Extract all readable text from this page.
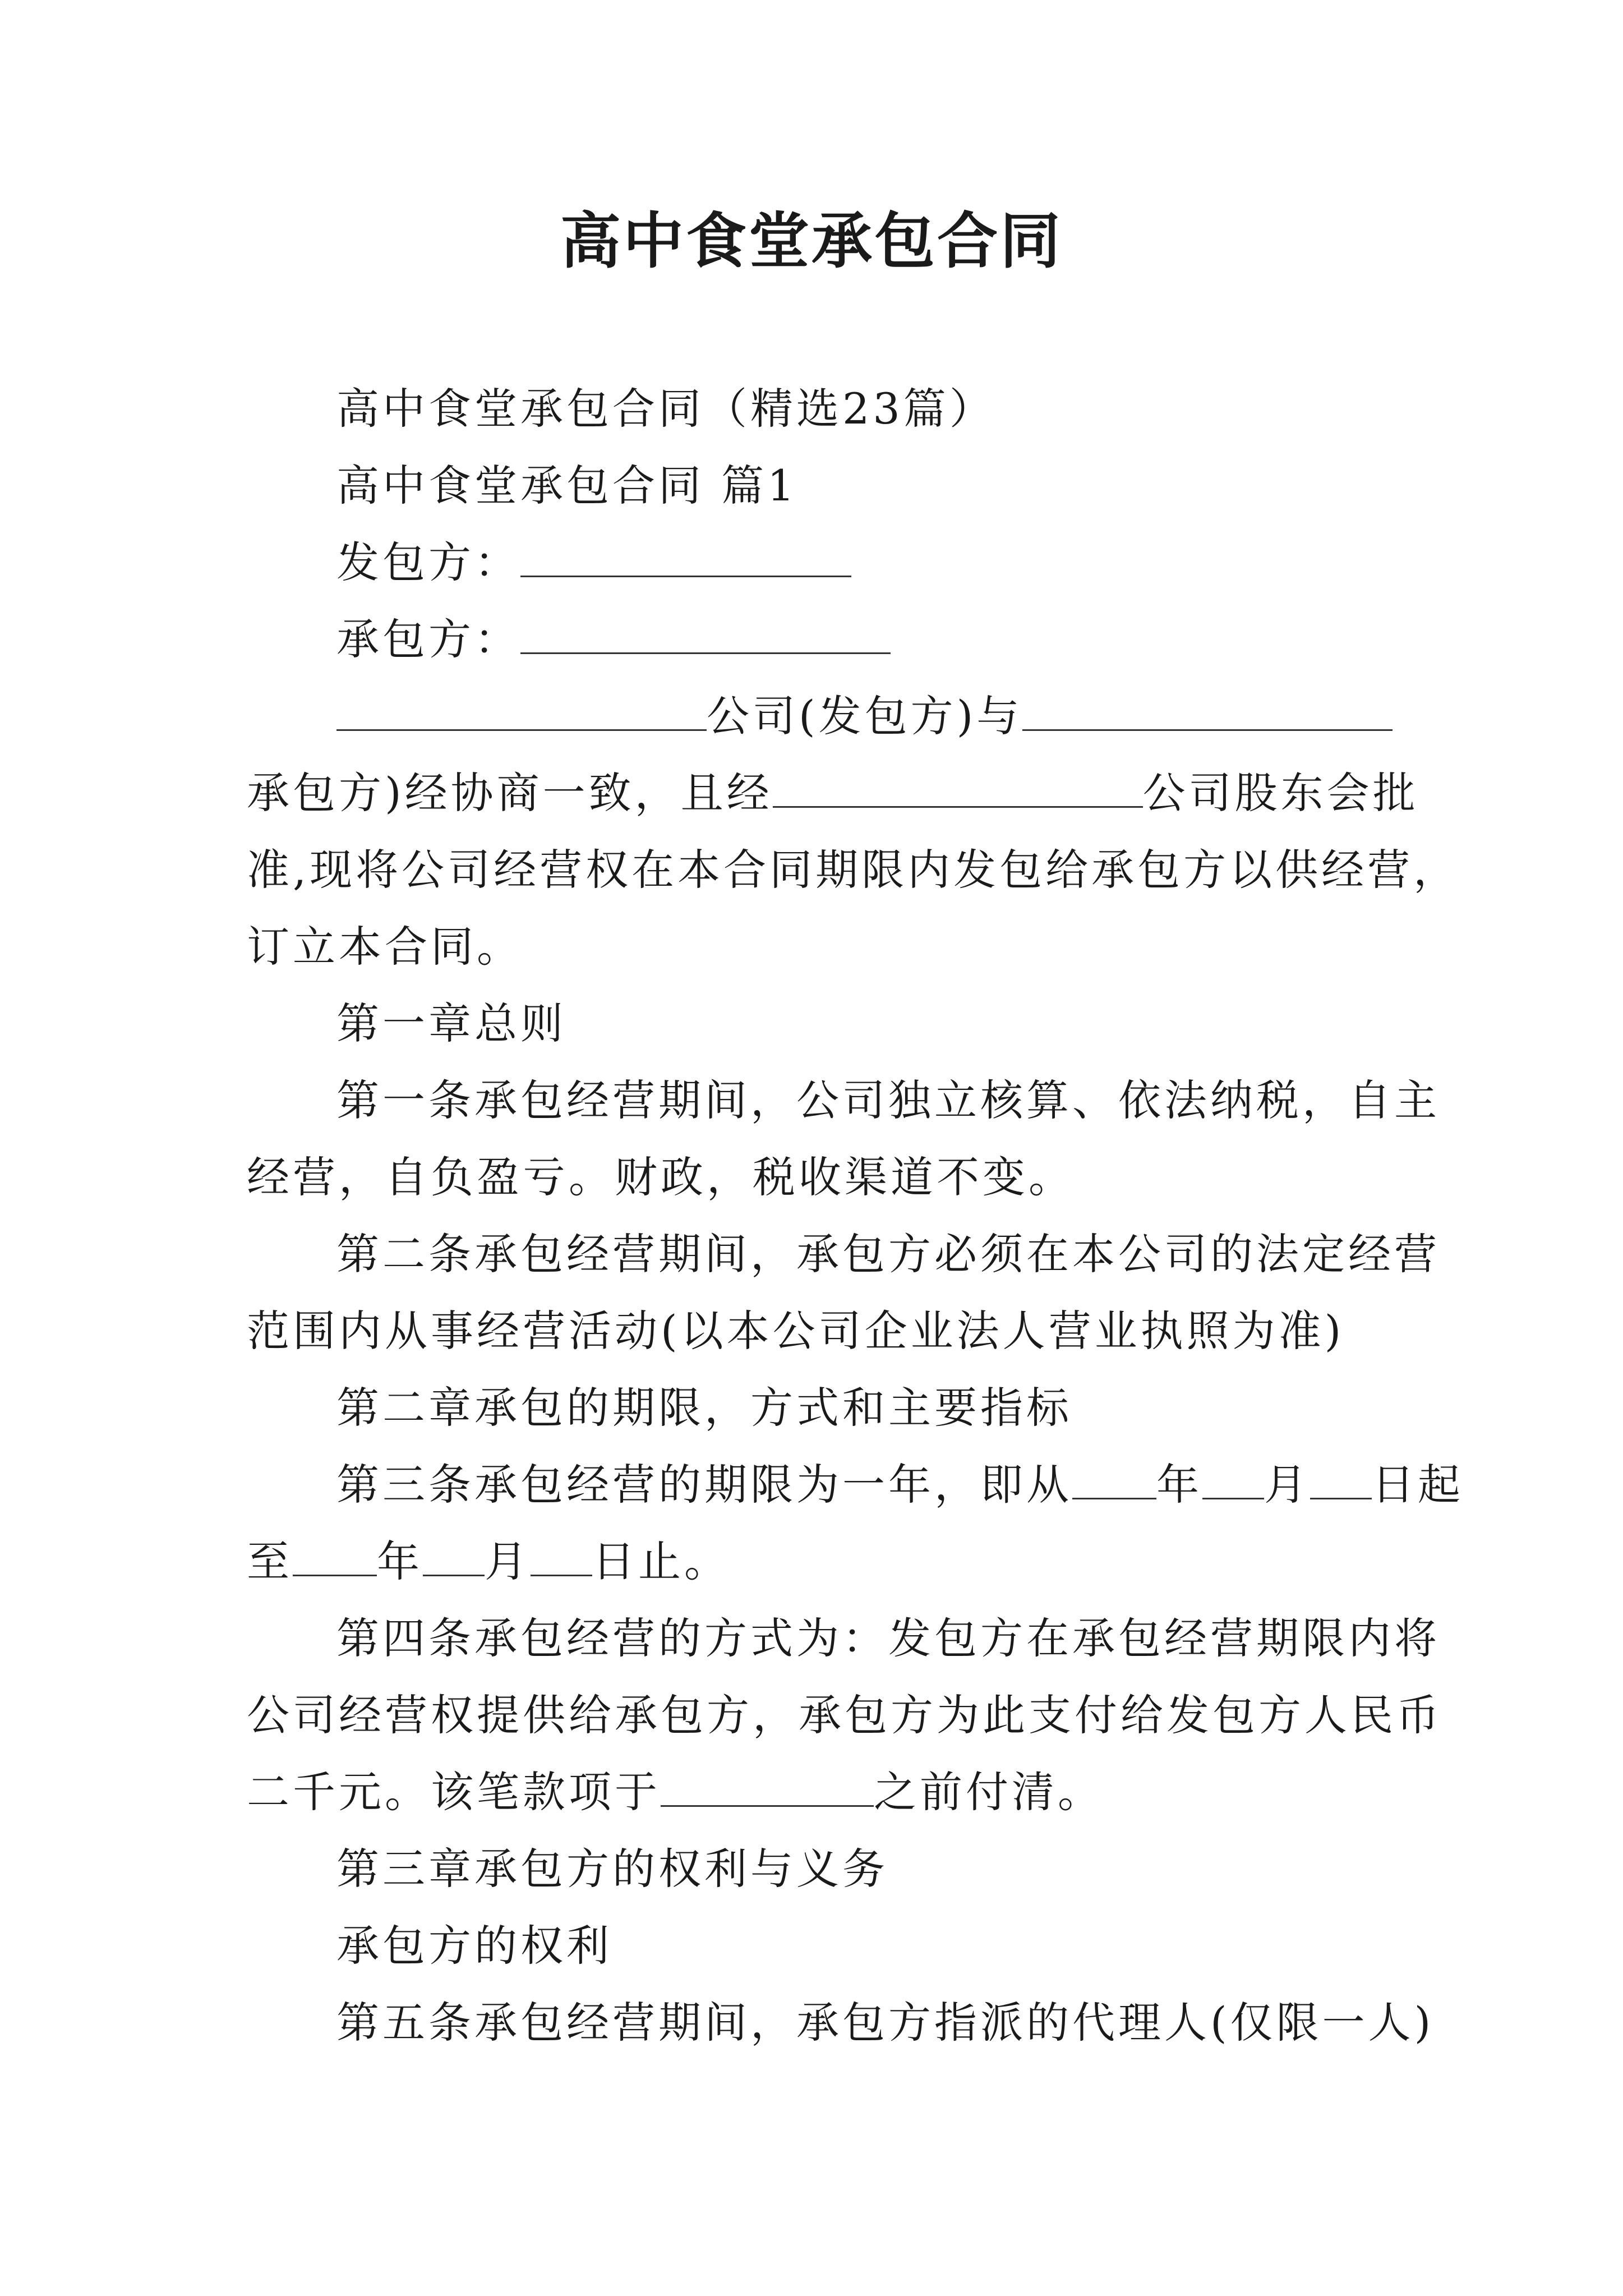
高中食堂承包合同
高中食堂承包合同（精选23篇）
高中食堂承包合同 篇1
发包方：
承包方：
公司(发包方)与
承包方)经协商一致，且经	公司股东会批
准,现将公司经营权在本合同期限内发包给承包方以供经营，
订立本合同。
第一章总则
第一条承包经营期间，公司独立核算、依法纳税，自主
经营，自负盈亏。财政，税收渠道不变。
第二条承包经营期间，承包方必须在本公司的法定经营
范围内从事经营活动(以本公司企业法人营业执照为准)
第二章承包的期限，方式和主要指标
第三条承包经营的期限为一年，即从 年 月 日起
至 年 月 日止。
第四条承包经营的方式为：发包方在承包经营期限内将
公司经营权提供给承包方，承包方为此支付给发包方人民币
二千元。该笔款项于	之前付清。
第三章承包方的权利与义务
承包方的权利
第五条承包经营期间，承包方指派的代理人(仅限一人)
